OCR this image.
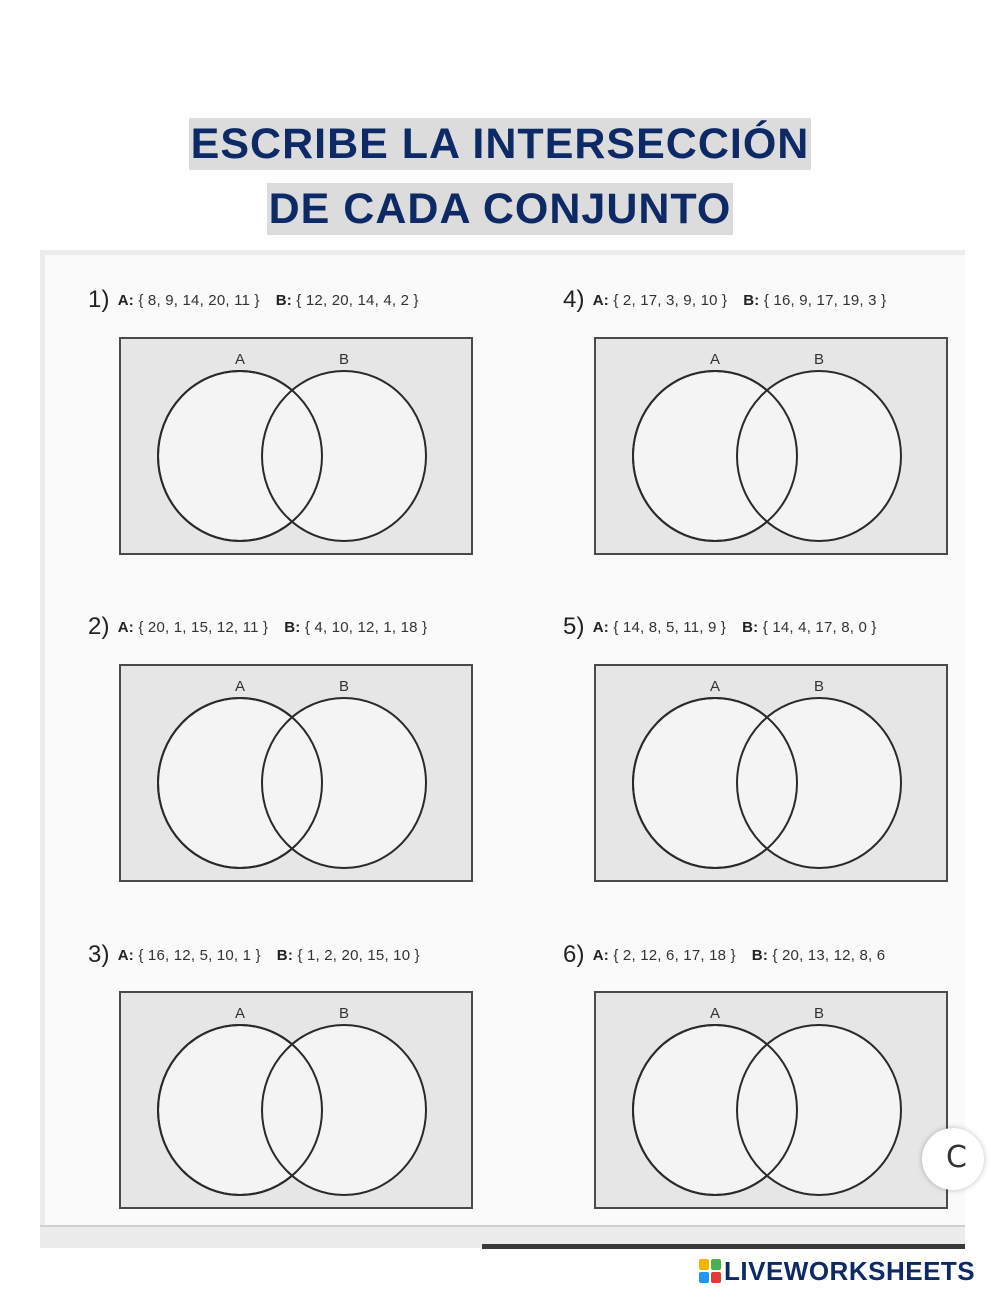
ESCRIBE LA INTERSECCIÓN
DE CADA CONJUNTO
1) A: { 8, 9, 14, 20, 11 } B: { 12, 20, 14, 4, 2 }
2) A: { 20, 1, 15, 12, 11 } B: { 4, 10, 12, 1, 18 }
3) A: { 16, 12, 5, 10, 1 } B: { 1, 2, 20, 15, 10 }
4) A: { 2, 17, 3, 9, 10 } B: { 16, 9, 17, 19, 3 }
5) A: { 14, 8, 5, 11, 9 } B: { 14, 4, 17, 8, 0 }
6) A: { 2, 12, 6, 17, 18 } B: { 20, 13, 12, 8, 6
A	B
A	B
A	B
A	B
A	B
A	B
C
LIVEWORKSHEETS
